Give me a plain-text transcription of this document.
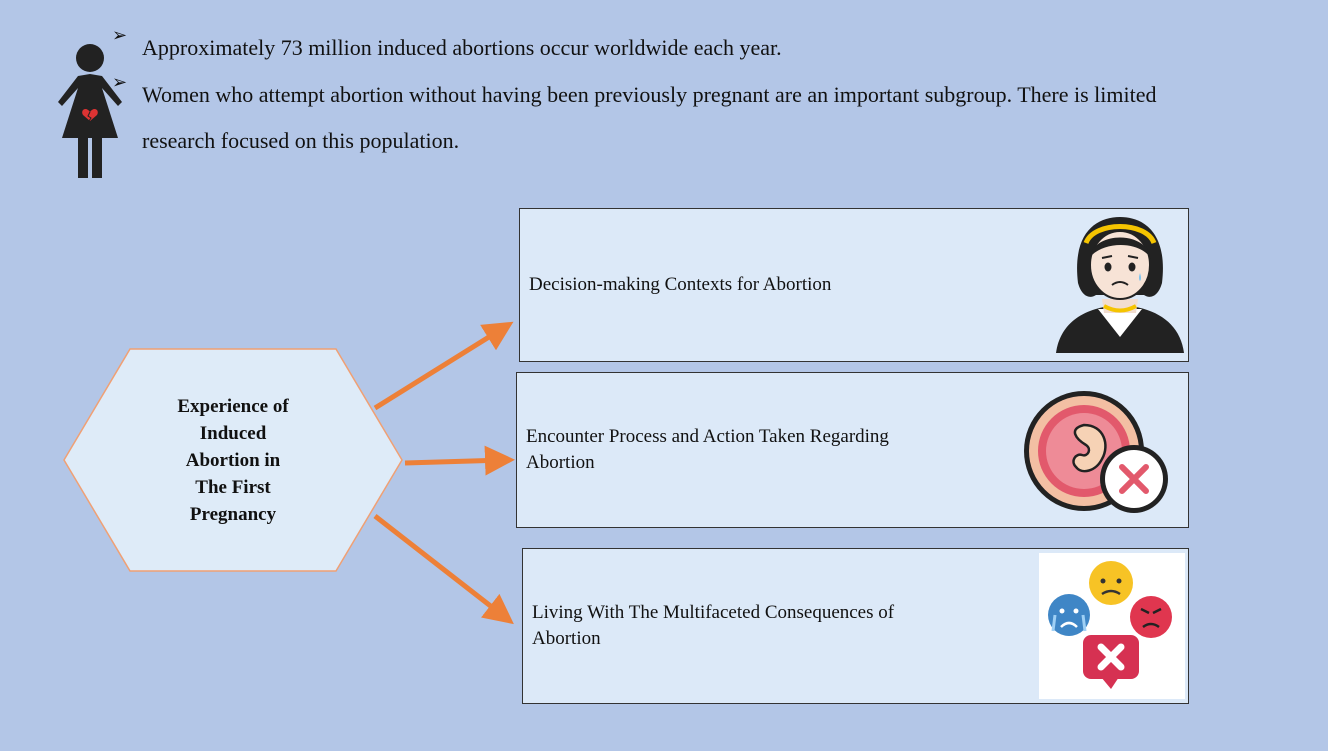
➢ Approximately 73 million induced abortions occur worldwide each year.
➢ Women who attempt abortion without having been previously pregnant are an important subgroup. There is limited research focused on this population.
Experience of Induced Abortion in The First Pregnancy
Decision-making Contexts for Abortion
Encounter Process and Action Taken Regarding Abortion
Living With The Multifaceted Consequences of Abortion
